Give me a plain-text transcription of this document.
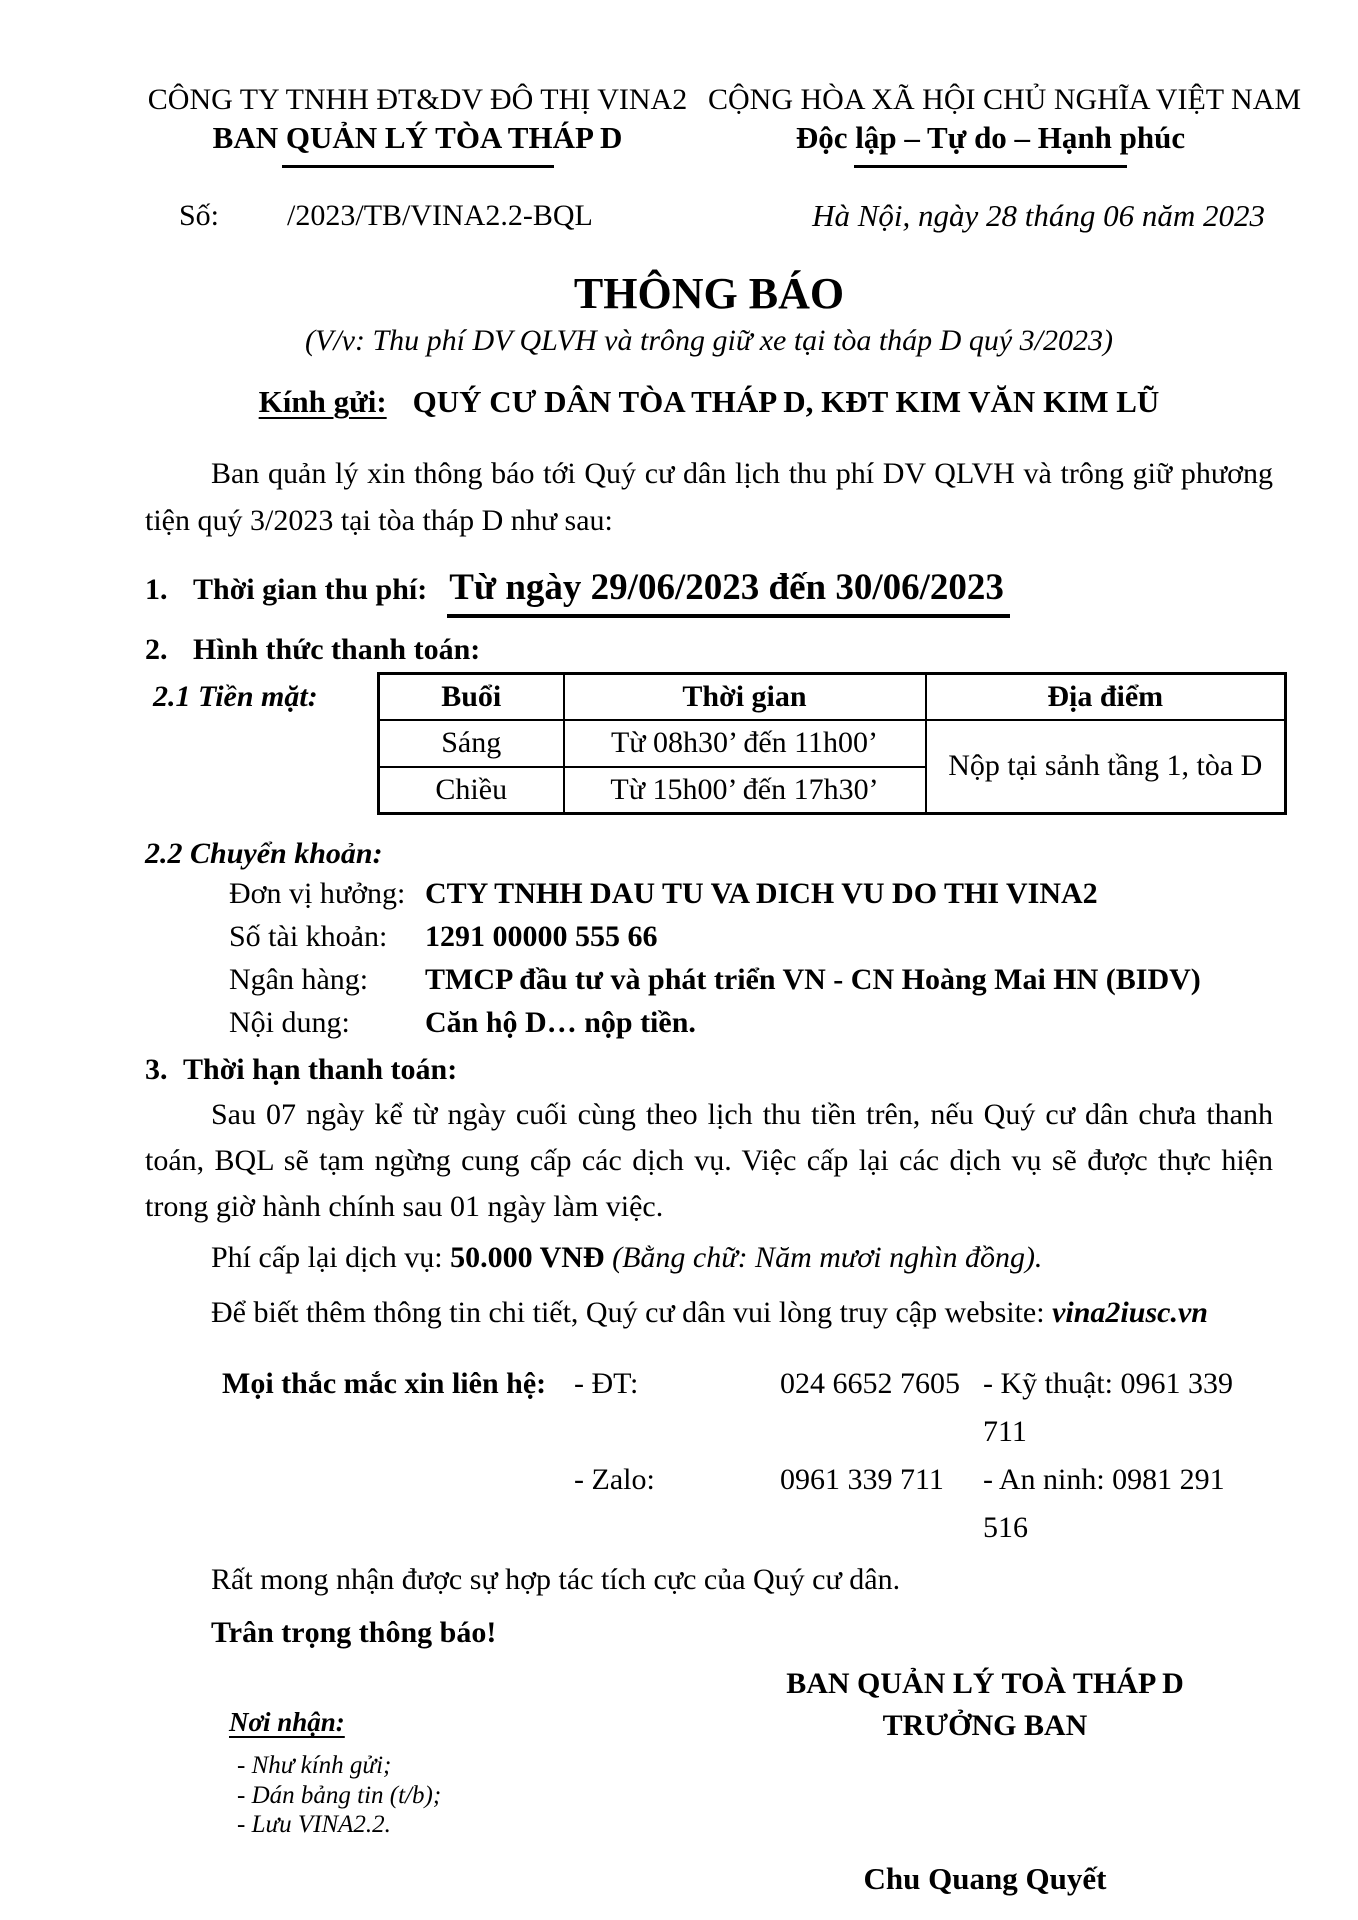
CÔNG TY TNHH ĐT&DV ĐÔ THỊ VINA2
BAN QUẢN LÝ TÒA THÁP D
CỘNG HÒA XÃ HỘI CHỦ NGHĨA VIỆT NAM
Độc lập – Tự do – Hạnh phúc
Số: /2023/TB/VINA2.2-BQL	Hà Nội, ngày 28 tháng 06 năm 2023
THÔNG BÁO
(V/v: Thu phí DV QLVH và trông giữ xe tại tòa tháp D quý 3/2023)
Kính gửi: QUÝ CƯ DÂN TÒA THÁP D, KĐT KIM VĂN KIM LŨ

Ban quản lý xin thông báo tới Quý cư dân lịch thu phí DV QLVH và trông giữ phương tiện quý 3/2023 tại tòa tháp D như sau:

1. Thời gian thu phí: Từ ngày 29/06/2023 đến 30/06/2023
2. Hình thức thanh toán:
2.1 Tiền mặt:	Buổi	Thời gian	Địa điểm
Sáng	Từ 08h30’ đến 11h00’	Nộp tại sảnh tầng 1, tòa D
Chiều	Từ 15h00’ đến 17h30’	
2.2 Chuyển khoản:
Đơn vị hưởng: CTY TNHH DAU TU VA DICH VU DO THI VINA2
Số tài khoản:	1291 00000 555 66
Ngân hàng:	TMCP đầu tư và phát triển VN - CN Hoàng Mai HN (BIDV)
Nội dung:	Căn hộ D… nộp tiền.
3. Thời hạn thanh toán:

Sau 07 ngày kể từ ngày cuối cùng theo lịch thu tiền trên, nếu Quý cư dân chưa thanh toán, BQL sẽ tạm ngừng cung cấp các dịch vụ. Việc cấp lại các dịch vụ sẽ được thực hiện trong giờ hành chính sau 01 ngày làm việc.

Phí cấp lại dịch vụ: 50.000 VNĐ (Bằng chữ: Năm mươi nghìn đồng).
Để biết thêm thông tin chi tiết, Quý cư dân vui lòng truy cập website: vina2iusc.vn
Mọi thắc mắc xin liên hệ: - ĐT:	024 6652 7605 - Kỹ thuật: 0961 339 711
- Zalo:	0961 339 711	- An ninh: 0981 291 516
Rất mong nhận được sự hợp tác tích cực của Quý cư dân.
Trân trọng thông báo!
BAN QUẢN LÝ TOÀ THÁP D
TRƯỞNG BAN
Chu Quang Quyết
Nơi nhận:
- Như kính gửi;
- Dán bảng tin (t/b);
- Lưu VINA2.2.
